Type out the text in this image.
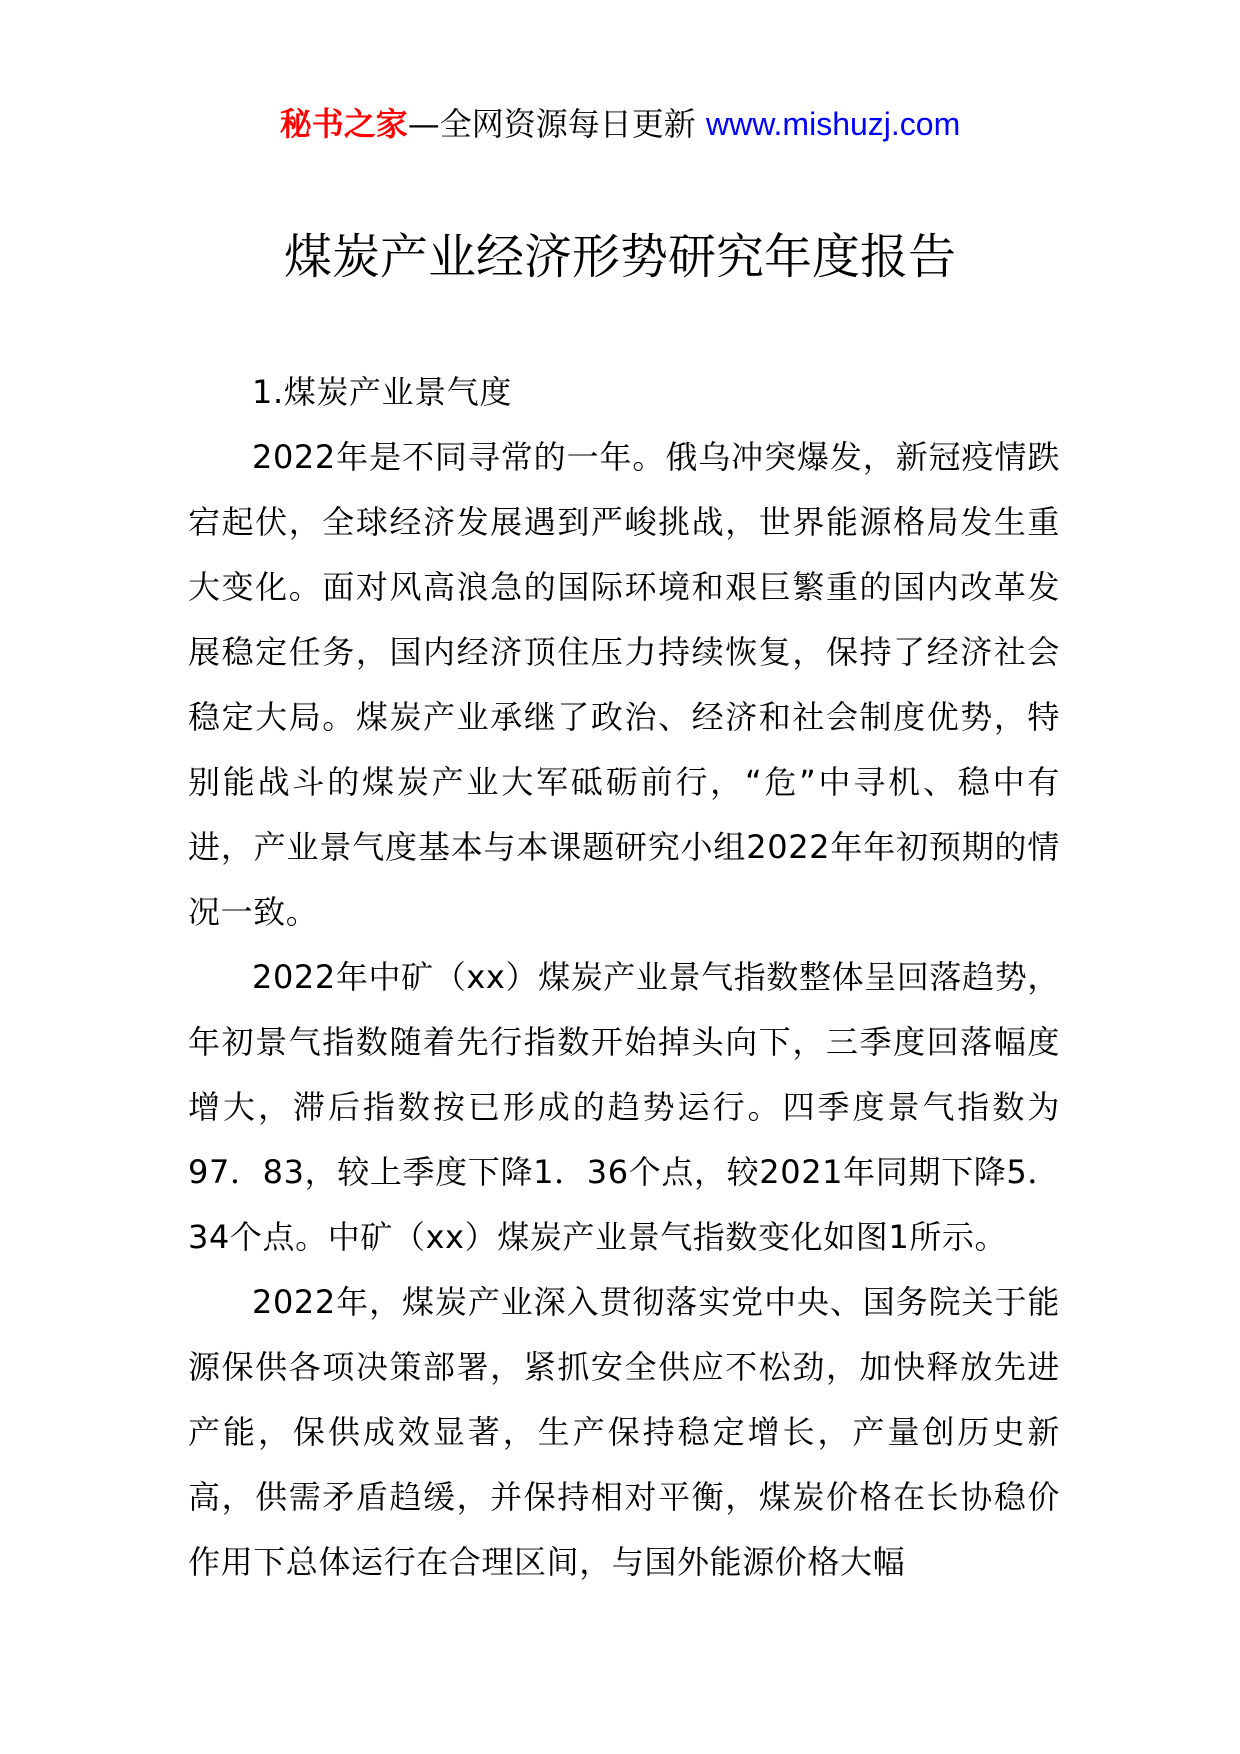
秘书之家—全网资源每日更新 www.mishuzj.com
煤炭产业经济形势研究年度报告

1.煤炭产业景气度

2022年是不同寻常的一年。俄乌冲突爆发，新冠疫情跌宕起伏，全球经济发展遇到严峻挑战，世界能源格局发生重大变化。面对风高浪急的国际环境和艰巨繁重的国内改革发展稳定任务，国内经济顶住压力持续恢复，保持了经济社会稳定大局。煤炭产业承继了政治、经济和社会制度优势，特别能战斗的煤炭产业大军砥砺前行，“危”中寻机、稳中有进，产业景气度基本与本课题研究小组2022年年初预期的情况一致。

2022年中矿（xx）煤炭产业景气指数整体呈回落趋势，年初景气指数随着先行指数开始掉头向下，三季度回落幅度增大，滞后指数按已形成的趋势运行。四季度景气指数为97．83，较上季度下降1．36个点，较2021年同期下降5．34个点。中矿（xx）煤炭产业景气指数变化如图1所示。

2022年，煤炭产业深入贯彻落实党中央、国务院关于能源保供各项决策部署，紧抓安全供应不松劲，加快释放先进产能，保供成效显著，生产保持稳定增长，产量创历史新高，供需矛盾趋缓，并保持相对平衡，煤炭价格在长协稳价作用下总体运行在合理区间，与国外能源价格大幅
